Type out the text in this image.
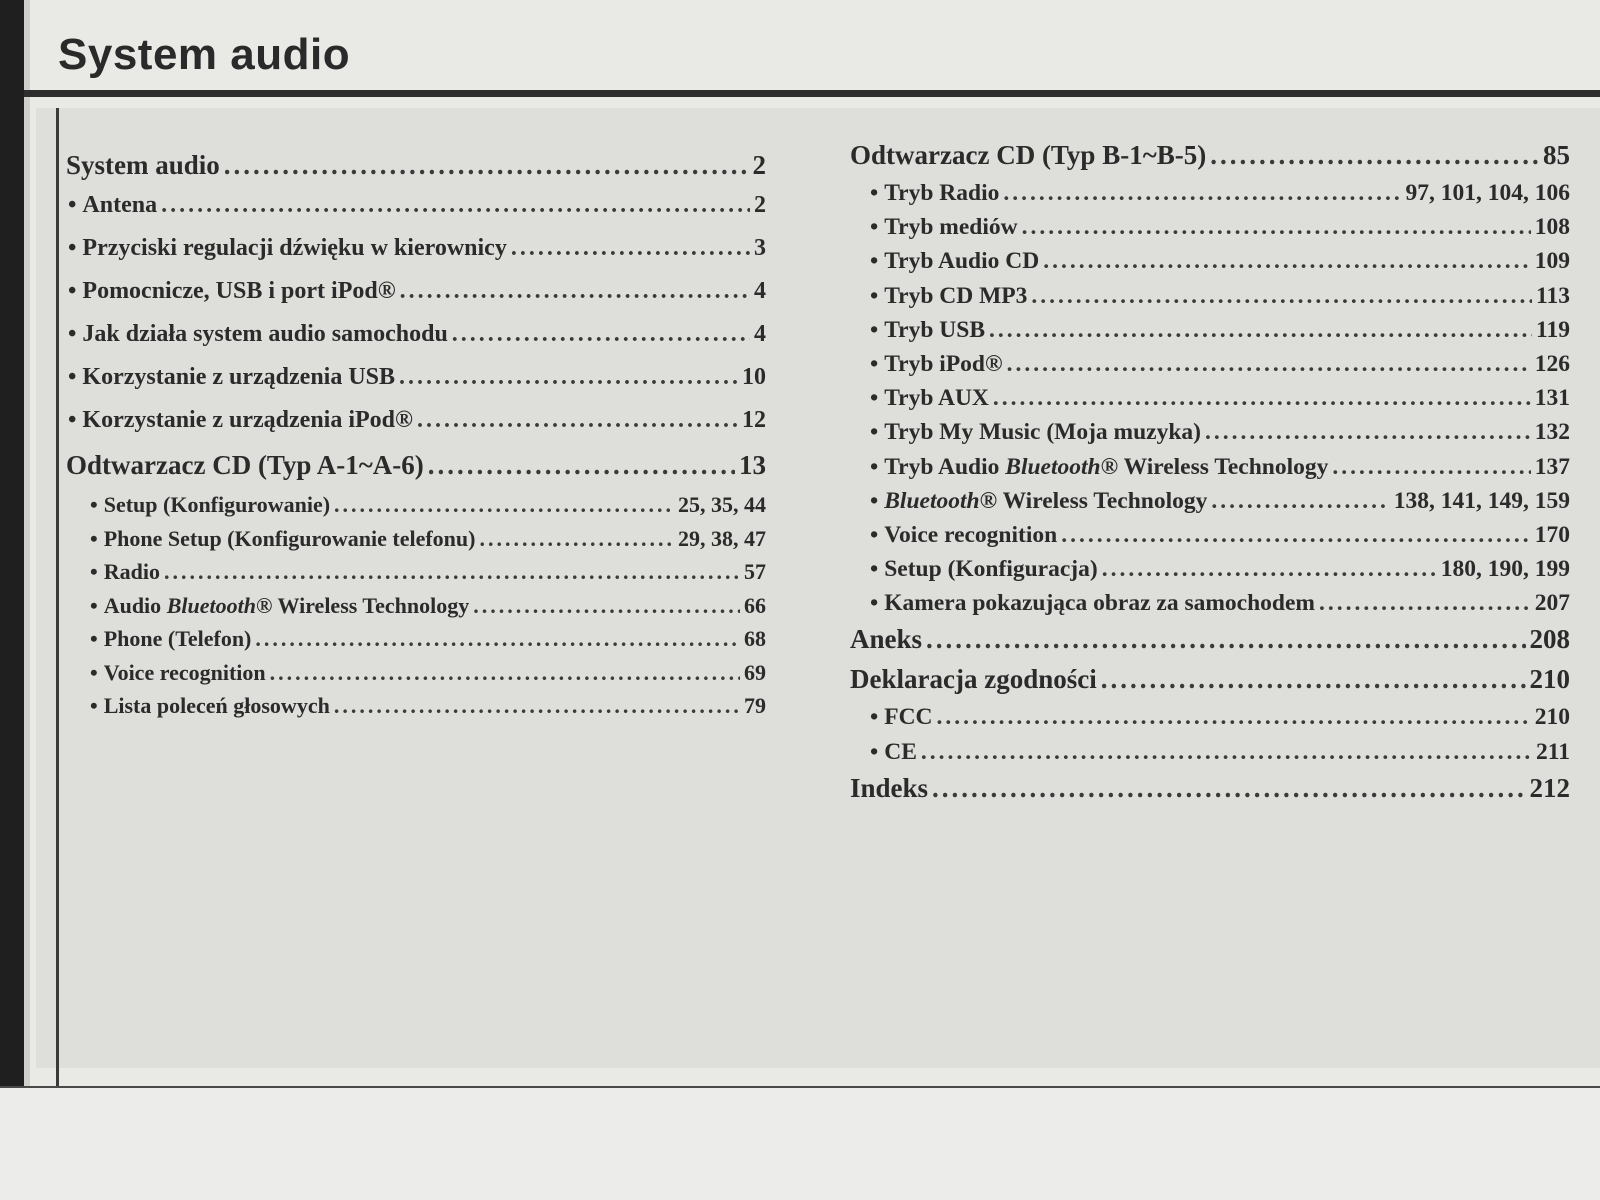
System audio
System audio .....	2
• Antena .....	2
• Przyciski regulacji dźwięku w kierownicy .....	3
• Pomocnicze, USB i port iPod® .....	4
• Jak działa system audio samochodu .....	4
• Korzystanie z urządzenia USB .....	10
• Korzystanie z urządzenia iPod® .....	12
Odtwarzacz CD (Typ A-1~A-6) .....	13
• Setup (Konfigurowanie) .....	25, 35, 44
• Phone Setup (Konfigurowanie telefonu) .....	29, 38, 47
• Radio .....	57
• Audio Bluetooth® Wireless Technology .....	66
• Phone (Telefon) .....	68
• Voice recognition .....	69
• Lista poleceń głosowych .....	79
Odtwarzacz CD (Typ B-1~B-5) .....	85
• Tryb Radio .....	97, 101, 104, 106
• Tryb mediów .....	108
• Tryb Audio CD .....	109
• Tryb CD MP3 .....	113
• Tryb USB .....	119
• Tryb iPod® .....	126
• Tryb AUX .....	131
• Tryb My Music (Moja muzyka) .....	132
• Tryb Audio Bluetooth® Wireless Technology .....	137
• Bluetooth® Wireless Technology .....	138, 141, 149, 159
• Voice recognition .....	170
• Setup (Konfiguracja) .....	180, 190, 199
• Kamera pokazująca obraz za samochodem .....	207
Aneks .....	208
Deklaracja zgodności .....	210
• FCC .....	210
• CE .....	211
Indeks .....	212
